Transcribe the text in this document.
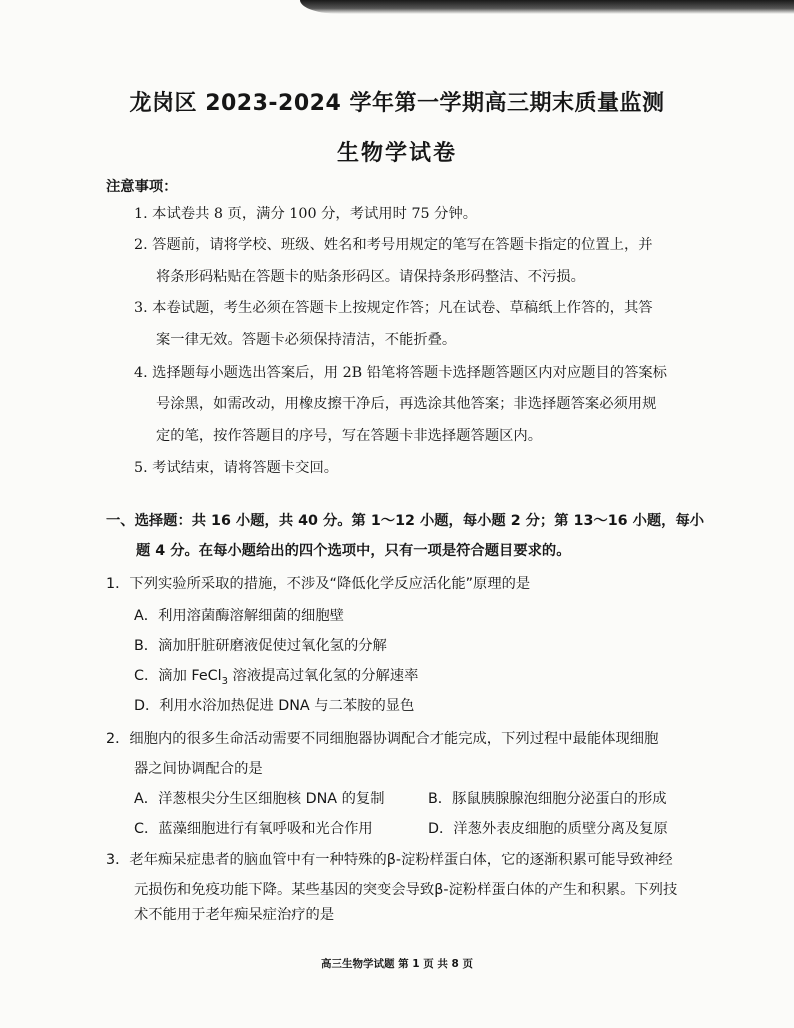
龙岗区 2023-2024 学年第一学期高三期末质量监测
生物学试卷
注意事项：
1. 本试卷共 8 页，满分 100 分，考试用时 75 分钟。
2. 答题前，请将学校、班级、姓名和考号用规定的笔写在答题卡指定的位置上，并
将条形码粘贴在答题卡的贴条形码区。请保持条形码整洁、不污损。
3. 本卷试题，考生必须在答题卡上按规定作答；凡在试卷、草稿纸上作答的，其答
案一律无效。答题卡必须保持清洁，不能折叠。
4. 选择题每小题选出答案后，用 2B 铅笔将答题卡选择题答题区内对应题目的答案标
号涂黑，如需改动，用橡皮擦干净后，再选涂其他答案；非选择题答案必须用规
定的笔，按作答题目的序号，写在答题卡非选择题答题区内。
5. 考试结束，请将答题卡交回。
一、选择题：共 16 小题，共 40 分。第 1～12 小题，每小题 2 分；第 13～16 小题，每小
题 4 分。在每小题给出的四个选项中，只有一项是符合题目要求的。
1．下列实验所采取的措施，不涉及“降低化学反应活化能”原理的是
A．利用溶菌酶溶解细菌的细胞壁
B．滴加肝脏研磨液促使过氧化氢的分解
C．滴加 FeCl$_3$ 溶液提高过氧化氢的分解速率
D．利用水浴加热促进 DNA 与二苯胺的显色
2．细胞内的很多生命活动需要不同细胞器协调配合才能完成，下列过程中最能体现细胞
器之间协调配合的是
A．洋葱根尖分生区细胞核 DNA 的复制	B．豚鼠胰腺腺泡细胞分泌蛋白的形成
C．蓝藻细胞进行有氧呼吸和光合作用	D．洋葱外表皮细胞的质壁分离及复原
3．老年痴呆症患者的脑血管中有一种特殊的β-淀粉样蛋白体，它的逐渐积累可能导致神经
元损伤和免疫功能下降。某些基因的突变会导致β-淀粉样蛋白体的产生和积累。下列技
术不能用于老年痴呆症治疗的是
高三生物学试题 第 1 页 共 8 页
